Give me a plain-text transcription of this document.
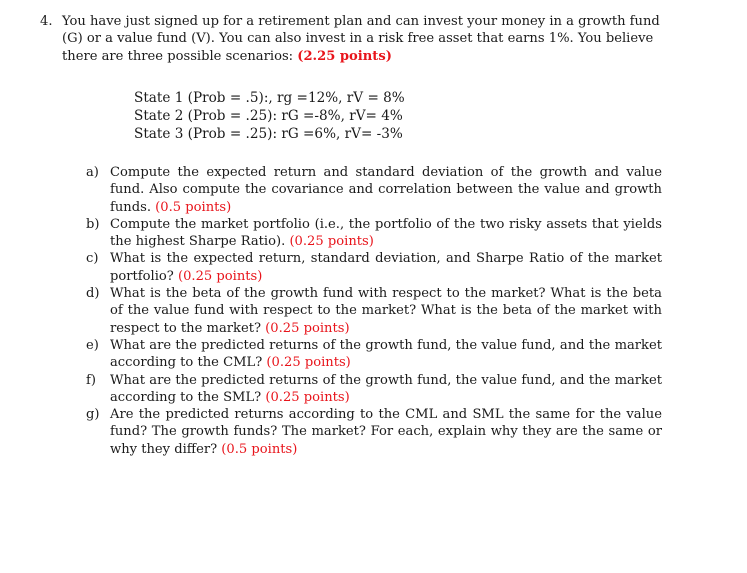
4. You have just signed up for a retirement plan and can invest your money in a growth fund (G) or a value fund (V). You can also invest in a risk free asset that earns 1%. You believe there are three possible scenarios: (2.25 points)
State 1 (Prob = .5):, rg =12%, rV = 8%
State 2 (Prob = .25): rG =-8%, rV= 4%
State 3 (Prob = .25): rG =6%, rV= -3%
a) Compute the expected return and standard deviation of the growth and value fund. Also compute the covariance and correlation between the value and growth funds. (0.5 points)
b) Compute the market portfolio (i.e., the portfolio of the two risky assets that yields the highest Sharpe Ratio). (0.25 points)
c) What is the expected return, standard deviation, and Sharpe Ratio of the market portfolio? (0.25 points)
d) What is the beta of the growth fund with respect to the market? What is the beta of the value fund with respect to the market? What is the beta of the market with respect to the market? (0.25 points)
e) What are the predicted returns of the growth fund, the value fund, and the market according to the CML? (0.25 points)
f) What are the predicted returns of the growth fund, the value fund, and the market according to the SML? (0.25 points)
g) Are the predicted returns according to the CML and SML the same for the value fund? The growth funds? The market? For each, explain why they are the same or why they differ? (0.5 points)
